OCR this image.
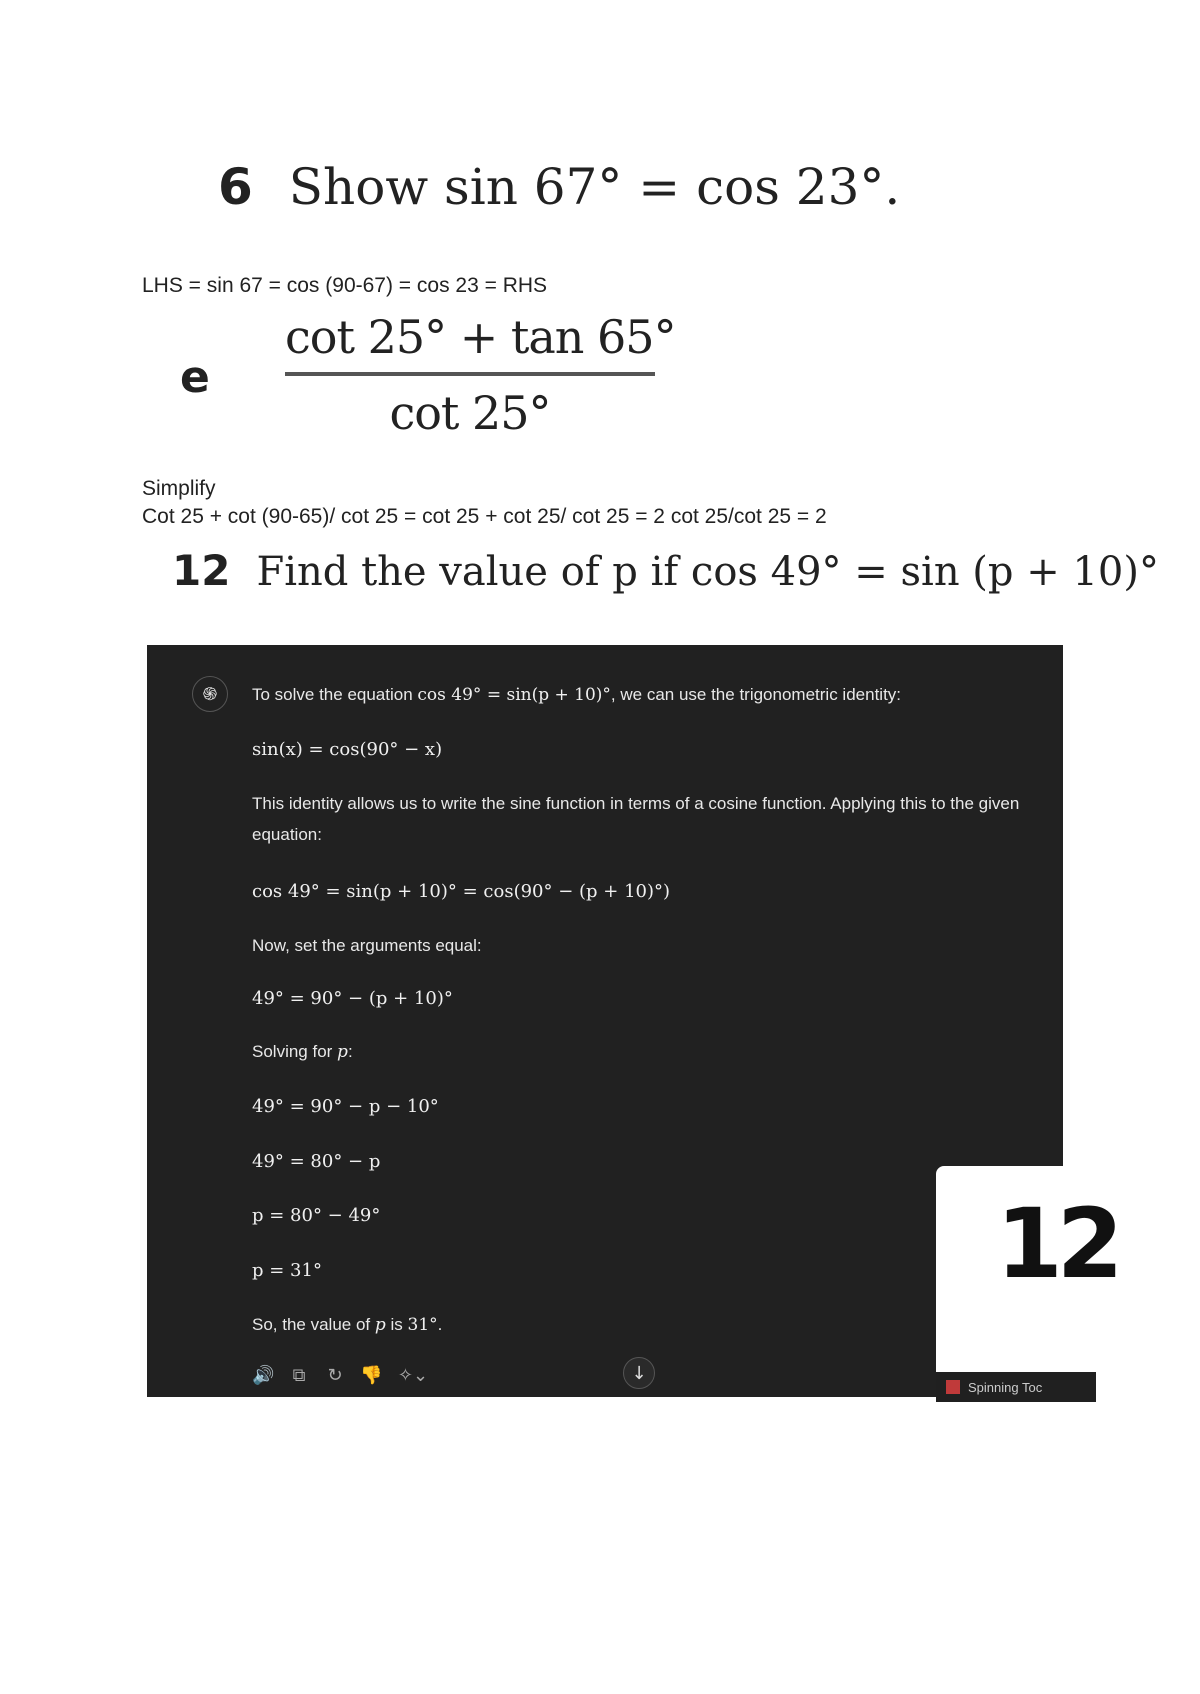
6 Show sin 67° = cos 23°.
LHS = sin 67 = cos (90-67) = cos 23 = RHS
e
cot 25° + tan 65°
cot 25°
Simplify
Cot 25 + cot (90-65)/ cot 25 = cot 25 + cot 25/ cot 25 = 2 cot 25/cot 25 = 2
12 Find the value of p if cos 49° = sin (p + 10)°
֍	To solve the equation cos 49° = sin(p + 10)°, we can use the trigonometric identity:
sin(x) = cos(90° − x)
This identity allows us to write the sine function in terms of a cosine function. Applying this to the given equation:
cos 49° = sin(p + 10)° = cos(90° − (p + 10)°)
Now, set the arguments equal:
49° = 90° − (p + 10)°
Solving for p:
49° = 90° − p − 10°
49° = 80° − p
p = 80° − 49°
p = 31°
So, the value of p is 31°.
🔊 ⧉ ↻ 👎 ✧⌄	↓
12
Spinning Toc
